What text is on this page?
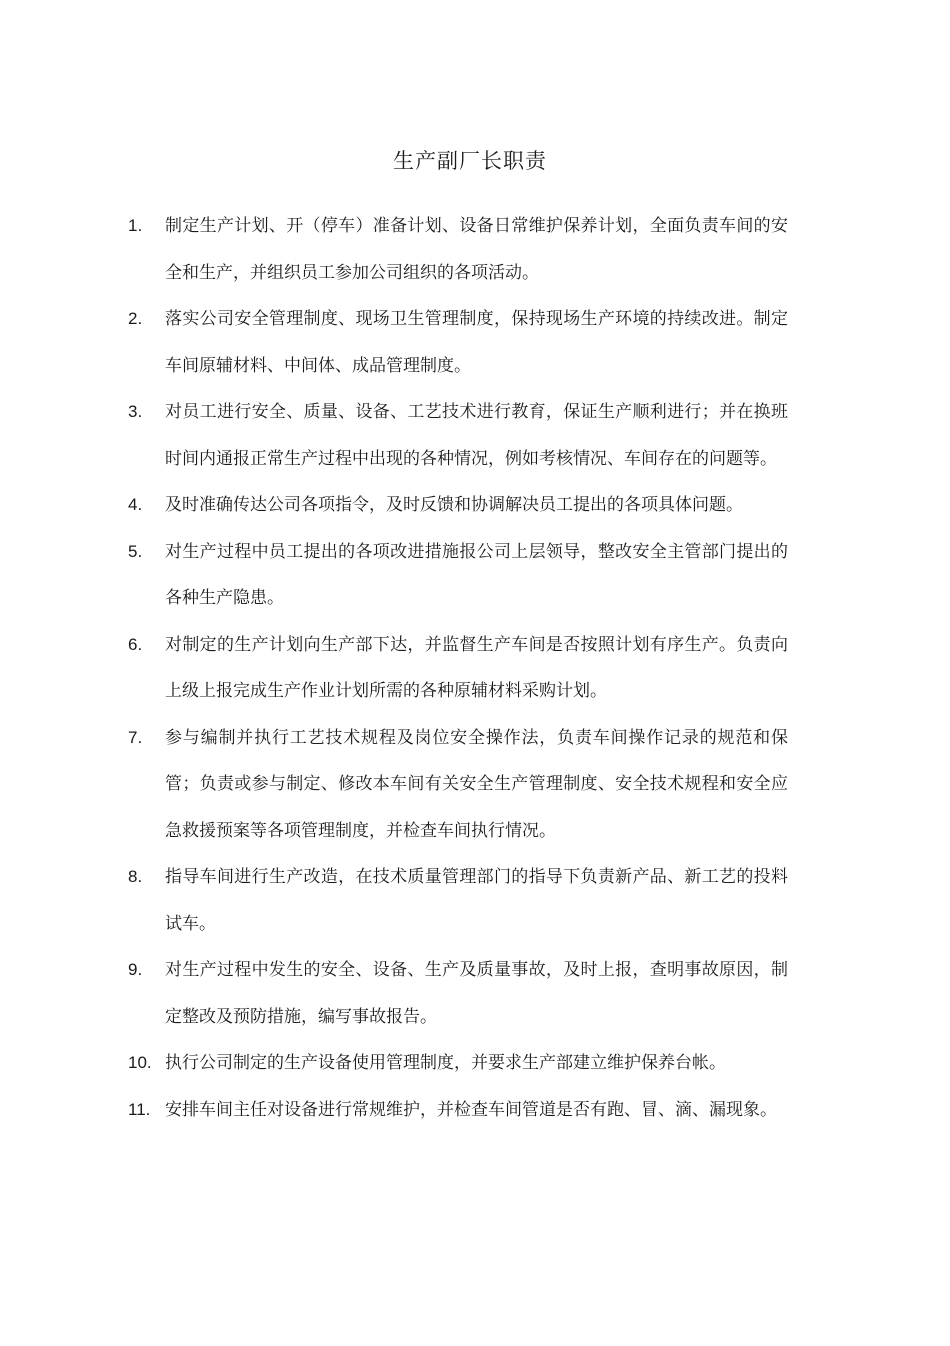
生产副厂长职责
1.	制定生产计划、开（停车）准备计划、设备日常维护保养计划，全面负责车间的安全和生产，并组织员工参加公司组织的各项活动。
2.	落实公司安全管理制度、现场卫生管理制度，保持现场生产环境的持续改进。制定车间原辅材料、中间体、成品管理制度。
3.	对员工进行安全、质量、设备、工艺技术进行教育，保证生产顺利进行；并在换班时间内通报正常生产过程中出现的各种情况，例如考核情况、车间存在的问题等。
4.	及时准确传达公司各项指令，及时反馈和协调解决员工提出的各项具体问题。
5.	对生产过程中员工提出的各项改进措施报公司上层领导，整改安全主管部门提出的各种生产隐患。
6.	对制定的生产计划向生产部下达，并监督生产车间是否按照计划有序生产。负责向上级上报完成生产作业计划所需的各种原辅材料采购计划。
7.	参与编制并执行工艺技术规程及岗位安全操作法，负责车间操作记录的规范和保管；负责或参与制定、修改本车间有关安全生产管理制度、安全技术规程和安全应急救援预案等各项管理制度，并检查车间执行情况。
8.	指导车间进行生产改造，在技术质量管理部门的指导下负责新产品、新工艺的投料试车。
9.	对生产过程中发生的安全、设备、生产及质量事故，及时上报，查明事故原因，制定整改及预防措施，编写事故报告。
10. 执行公司制定的生产设备使用管理制度，并要求生产部建立维护保养台帐。
11. 安排车间主任对设备进行常规维护，并检查车间管道是否有跑、冒、滴、漏现象。
